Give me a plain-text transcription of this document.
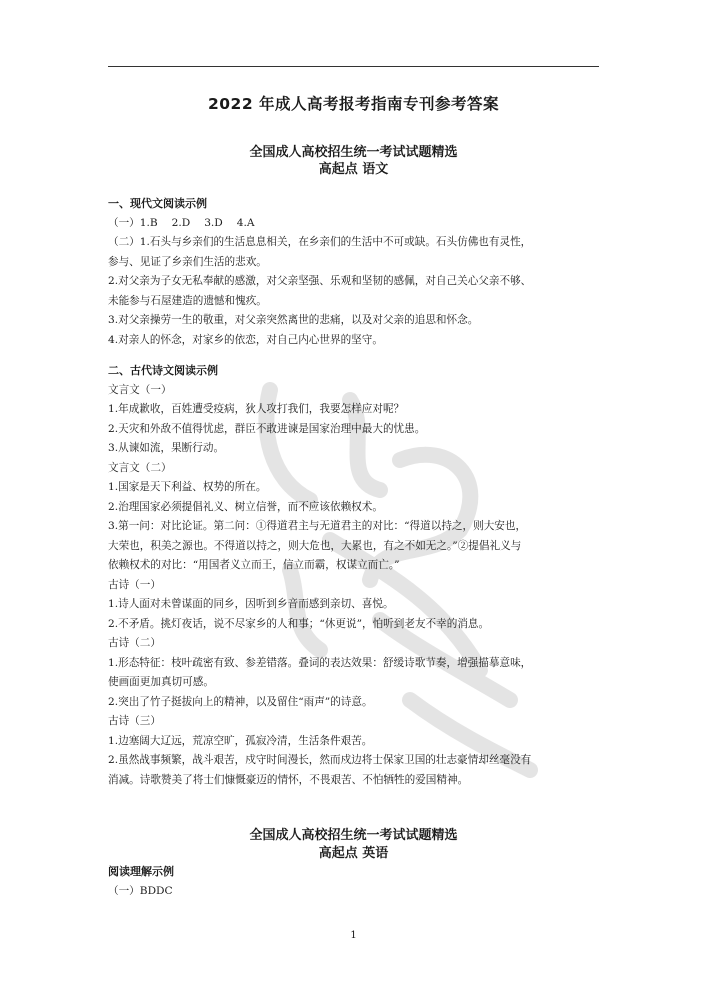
2022 年成人高考报考指南专刊参考答案
全国成人高校招生统一考试试题精选
高起点 语文

一、现代文阅读示例

（一）1.B　 2.D　 3.D　 4.A

（二）1.石头与乡亲们的生活息息相关，在乡亲们的生活中不可或缺。石头仿佛也有灵性，

参与、见证了乡亲们生活的悲欢。

2.对父亲为子女无私奉献的感激，对父亲坚强、乐观和坚韧的感佩，对自己关心父亲不够、

未能参与石屋建造的遗憾和愧疚。

3.对父亲操劳一生的敬重，对父亲突然离世的悲痛，以及对父亲的追思和怀念。

4.对亲人的怀念，对家乡的依恋，对自己内心世界的坚守。

二、古代诗文阅读示例

文言文（一）

1.年成歉收，百姓遭受疫病，狄人攻打我们，我要怎样应对呢？

2.天灾和外敌不值得忧虑，群臣不敢进谏是国家治理中最大的忧患。

3.从谏如流，果断行动。

文言文（二）

1.国家是天下利益、权势的所在。

2.治理国家必须提倡礼义、树立信誉，而不应该依赖权术。

3.第一问：对比论证。第二问：①得道君主与无道君主的对比：“得道以持之，则大安也，

大荣也，积美之源也。不得道以持之，则大危也，大累也，有之不如无之。”②提倡礼义与

依赖权术的对比：“用国者义立而王，信立而霸，权谋立而亡。”

古诗（一）

1.诗人面对未曾谋面的同乡，因听到乡音而感到亲切、喜悦。

2.不矛盾。挑灯夜话，说不尽家乡的人和事；“休更说”，怕听到老友不幸的消息。

古诗（二）

1.形态特征：枝叶疏密有致、参差错落。叠词的表达效果：舒缓诗歌节奏，增强描摹意味，

使画面更加真切可感。

2.突出了竹子挺拔向上的精神，以及留住“雨声”的诗意。

古诗（三）

1.边塞阔大辽远，荒凉空旷，孤寂冷清，生活条件艰苦。

2.虽然战事频繁，战斗艰苦，戍守时间漫长，然而戍边将士保家卫国的壮志豪情却丝毫没有

消减。诗歌赞美了将士们慷慨豪迈的情怀，不畏艰苦、不怕牺牲的爱国精神。

全国成人高校招生统一考试试题精选
高起点 英语

阅读理解示例

（一）BDDC

1
